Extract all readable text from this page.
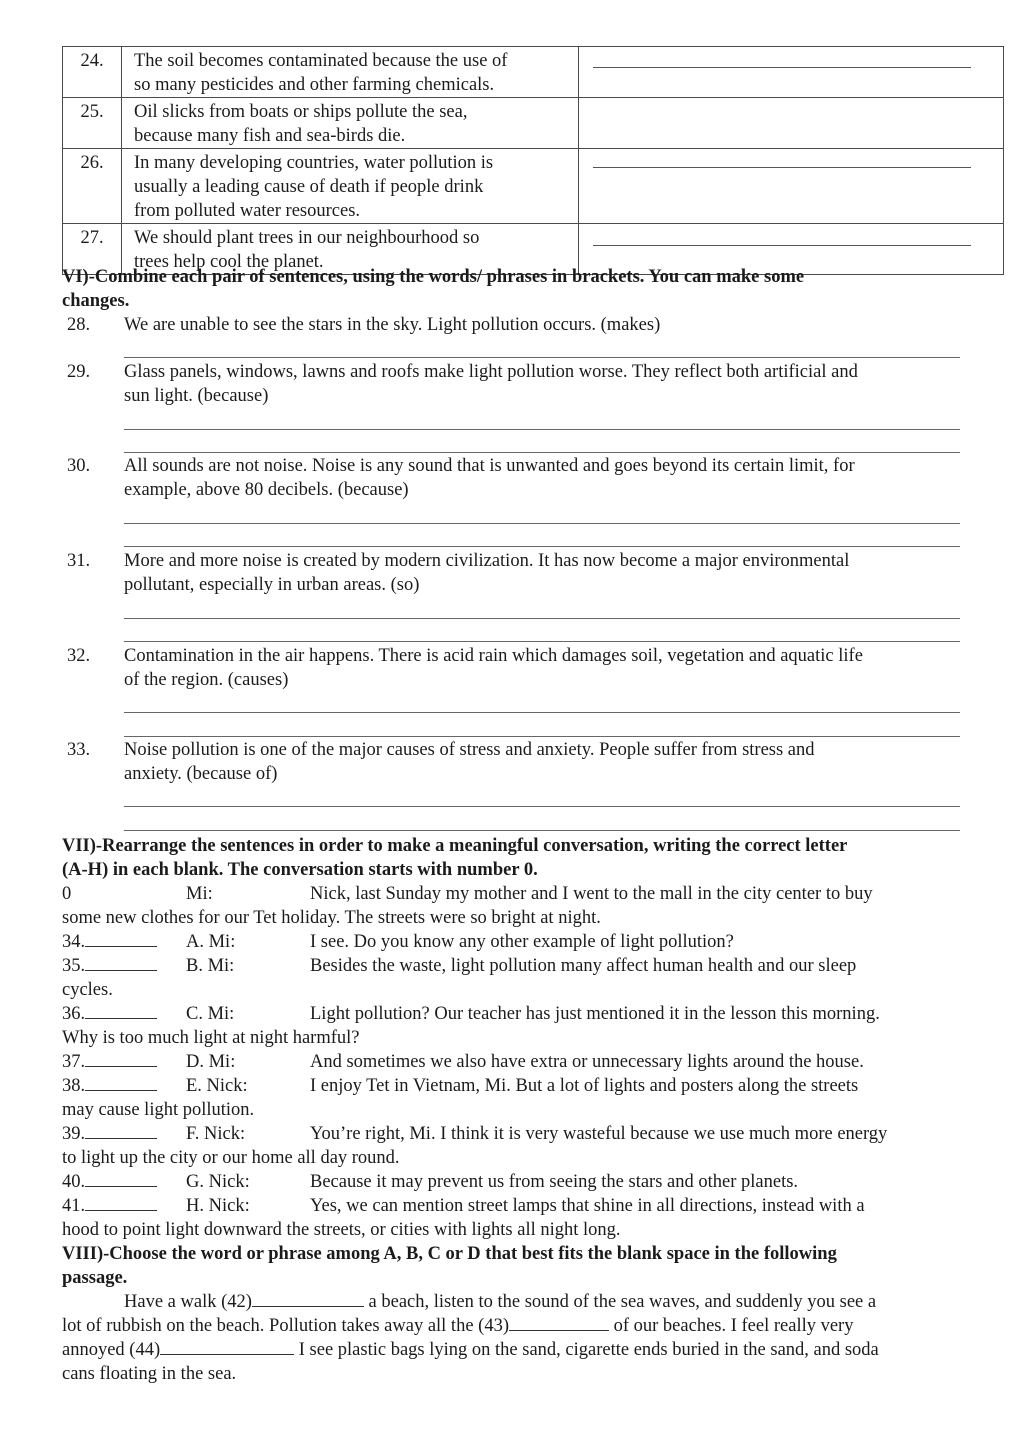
24.	The soil becomes contaminated because the use of
so many pesticides and other farming chemicals.	

25.	Oil slicks from boats or ships pollute the sea,
because many fish and sea-birds die.	

26.	In many developing countries, water pollution is
usually a leading cause of death if people drink
from polluted water resources.	

27.	We should plant trees in our neighbourhood so
trees help cool the planet.	

VI)-Combine each pair of sentences, using the words/ phrases in brackets. You can make some
changes.
28. We are unable to see the stars in the sky. Light pollution occurs. (makes)
29. Glass panels, windows, lawns and roofs make light pollution worse. They reflect both artificial and
sun light. (because)
30. All sounds are not noise. Noise is any sound that is unwanted and goes beyond its certain limit, for
example, above 80 decibels. (because)
31. More and more noise is created by modern civilization. It has now become a major environmental
pollutant, especially in urban areas. (so)
32. Contamination in the air happens. There is acid rain which damages soil, vegetation and aquatic life
of the region. (causes)
33. Noise pollution is one of the major causes of stress and anxiety. People suffer from stress and
anxiety. (because of)
VII)-Rearrange the sentences in order to make a meaningful conversation, writing the correct letter
(A-H) in each blank. The conversation starts with number 0.
0	Mi:	Nick, last Sunday my mother and I went to the mall in the city center to buy
some new clothes for our Tet holiday. The streets were so bright at night.
34.	A. Mi:	I see. Do you know any other example of light pollution?
35.	B. Mi:	Besides the waste, light pollution many affect human health and our sleep
cycles.
36.	C. Mi:	Light pollution? Our teacher has just mentioned it in the lesson this morning.
Why is too much light at night harmful?
37.	D. Mi:	And sometimes we also have extra or unnecessary lights around the house.
38.	E. Nick:	I enjoy Tet in Vietnam, Mi. But a lot of lights and posters along the streets
may cause light pollution.
39.	F. Nick:	You’re right, Mi. I think it is very wasteful because we use much more energy
to light up the city or our home all day round.
40.	G. Nick:	Because it may prevent us from seeing the stars and other planets.
41.	H. Nick:	Yes, we can mention street lamps that shine in all directions, instead with a
hood to point light downward the streets, or cities with lights all night long.
VIII)-Choose the word or phrase among A, B, C or D that best fits the blank space in the following
passage.
Have a walk (42)	a beach, listen to the sound of the sea waves, and suddenly you see a
lot of rubbish on the beach. Pollution takes away all the (43)	of our beaches. I feel really very
annoyed (44)	I see plastic bags lying on the sand, cigarette ends buried in the sand, and soda
cans floating in the sea.
